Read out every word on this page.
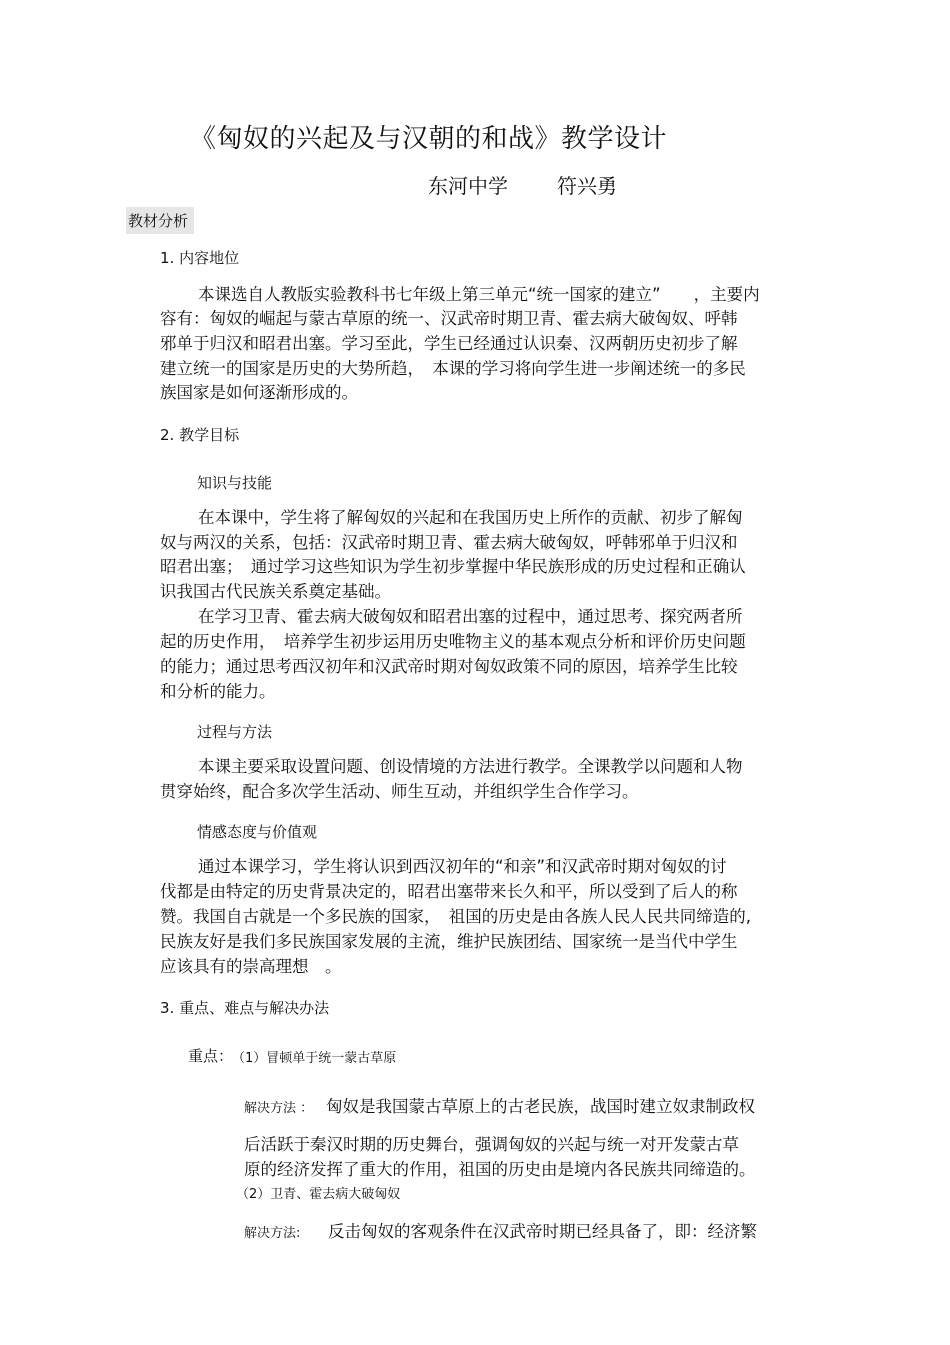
《匈奴的兴起及与汉朝的和战》教学设计
东河中学 符兴勇
教材分析
1. 内容地位
本课选自人教版实验教科书七年级上第三单元“统一国家的建立”　　，主要内
容有：匈奴的崛起与蒙古草原的统一、汉武帝时期卫青、霍去病大破匈奴、呼韩
邪单于归汉和昭君出塞。学习至此，学生已经通过认识秦、汉两朝历史初步了解
建立统一的国家是历史的大势所趋，　本课的学习将向学生进一步阐述统一的多民
族国家是如何逐渐形成的。
2. 教学目标
知识与技能
在本课中，学生将了解匈奴的兴起和在我国历史上所作的贡献、初步了解匈
奴与两汉的关系，包括：汉武帝时期卫青、霍去病大破匈奴，呼韩邪单于归汉和
昭君出塞；　通过学习这些知识为学生初步掌握中华民族形成的历史过程和正确认
识我国古代民族关系奠定基础。
在学习卫青、霍去病大破匈奴和昭君出塞的过程中，通过思考、探究两者所
起的历史作用，　培养学生初步运用历史唯物主义的基本观点分析和评价历史问题
的能力；通过思考西汉初年和汉武帝时期对匈奴政策不同的原因，培养学生比较
和分析的能力。
过程与方法
本课主要采取设置问题、创设情境的方法进行教学。全课教学以问题和人物
贯穿始终，配合多次学生活动、师生互动，并组织学生合作学习。
情感态度与价值观
通过本课学习，学生将认识到西汉初年的“和亲”和汉武帝时期对匈奴的讨
伐都是由特定的历史背景决定的，昭君出塞带来长久和平，所以受到了后人的称
赞。我国自古就是一个多民族的国家，　祖国的历史是由各族人民人民共同缔造的,
民族友好是我们多民族国家发展的主流，维护民族团结、国家统一是当代中学生
应该具有的崇高理想　。
3. 重点、难点与解决办法
重点：
（1）冒顿单于统一蒙古草原
解决方法 ： 匈奴是我国蒙古草原上的古老民族，战国时建立奴隶制政权
后活跃于秦汉时期的历史舞台，强调匈奴的兴起与统一对开发蒙古草
原的经济发挥了重大的作用，祖国的历史由是境内各民族共同缔造的。
（2）卫青、霍去病大破匈奴
解决方法: 反击匈奴的客观条件在汉武帝时期已经具备了，即：经济繁
